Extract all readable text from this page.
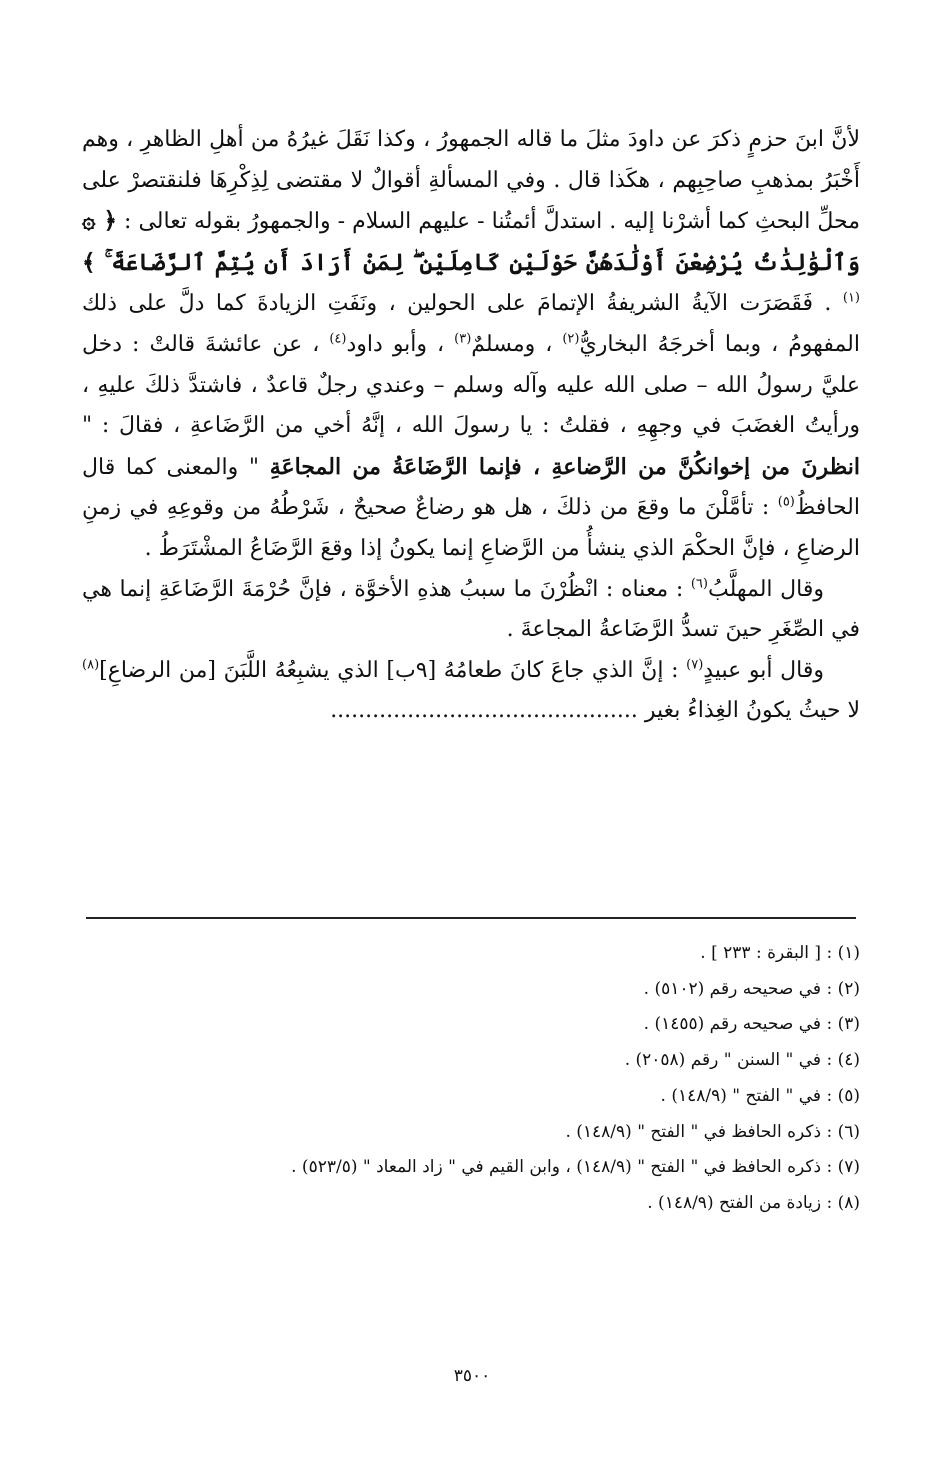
لأنَّ ابنَ حزمٍ ذكرَ عن داودَ مثلَ ما قاله الجمهورُ ، وكذا نَقَلَ غيرُهُ من أهلِ الظاهرِ ، وهم أَخْبَرُ بمذهبِ صاحِبِهم ، هكَذا قال . وفي المسألةِ أقوالٌ لا مقتضى لِذِكْرِهَا فلنقتصرْ على محلِّ البحثِ كما أشرْنا إليه . استدلَّ أئمتُنا - عليهم السلام - والجمهورُ بقوله تعالى : ﴿ ۞ وَٱلْوَٰلِدَٰتُ يُرْضِعْنَ أَوْلَٰدَهُنَّ حَوْلَيْنِ كَامِلَيْنِ ۖ لِمَنْ أَرَادَ أَن يُتِمَّ ٱلرَّضَاعَةَ ۚ ﴾$^{(١)}$ . فَقَصَرَت الآيةُ الشريفةُ الإتمامَ على الحولين ، ونَفَتِ الزيادةَ كما دلَّ على ذلك المفهومُ ، وبما أخرجَهُ البخاريُّ$^{(٢)}$ ، ومسلمٌ$^{(٣)}$ ، وأبو داود$^{(٤)}$ ، عن عائشةَ قالتْ : دخل عليَّ رسولُ الله – صلى الله عليه وآله وسلم – وعندي رجلٌ قاعدٌ ، فاشتدَّ ذلكَ عليهِ ، ورأيتُ الغضَبَ في وجهِهِ ، فقلتُ : يا رسولَ الله ، إنَّهُ أخي من الرَّضَاعةِ ، فقالَ : " انظرنَ من إخوانكُنَّ من الرَّضاعةِ ، فإنما الرَّضَاعَةُ من المجاعَةِ " والمعنى كما قال الحافظُ$^{(٥)}$ : تأمَّلْنَ ما وقعَ من ذلكَ ، هل هو رضاعٌ صحيحٌ ، شَرْطُهُ من وقوعِهِ في زمنِ الرضاعِ ، فإنَّ الحكْمَ الذي ينشأُ من الرَّضاعِ إنما يكونُ إذا وقعَ الرَّضَاعُ المشْتَرَطُ .

وقال المهلَّبُ$^{(٦)}$ : معناه : انْظُرْنَ ما سببُ هذهِ الأخوَّة ، فإنَّ حُرْمَةَ الرَّضَاعَةِ إنما هي في الصِّغَرِ حينَ تسدُّ الرَّضَاعةُ المجاعةَ .

وقال أبو عبيدٍ$^{(٧)}$ : إنَّ الذي جاعَ كانَ طعامُهُ [٩ب] الذي يشبِعُهُ اللَّبَنَ [من الرضاعِ]$^{(٨)}$ لا حيثُ يكونُ الغِذاءُ بغير ............................................

(١) : [ البقرة : ٢٣٣ ] .
(٢) : في صحيحه رقم (٥١٠٢) .
(٣) : في صحيحه رقم (١٤٥٥) .
(٤) : في " السنن " رقم (٢٠٥٨) .
(٥) : في " الفتح " (١٤٨/٩) .
(٦) : ذكره الحافظ في " الفتح " (١٤٨/٩) .
(٧) : ذكره الحافظ في " الفتح " (١٤٨/٩) ، وابن القيم في " زاد المعاد " (٥٢٣/٥) .
(٨) : زيادة من الفتح (١٤٨/٩) .
٣٥٠٠
